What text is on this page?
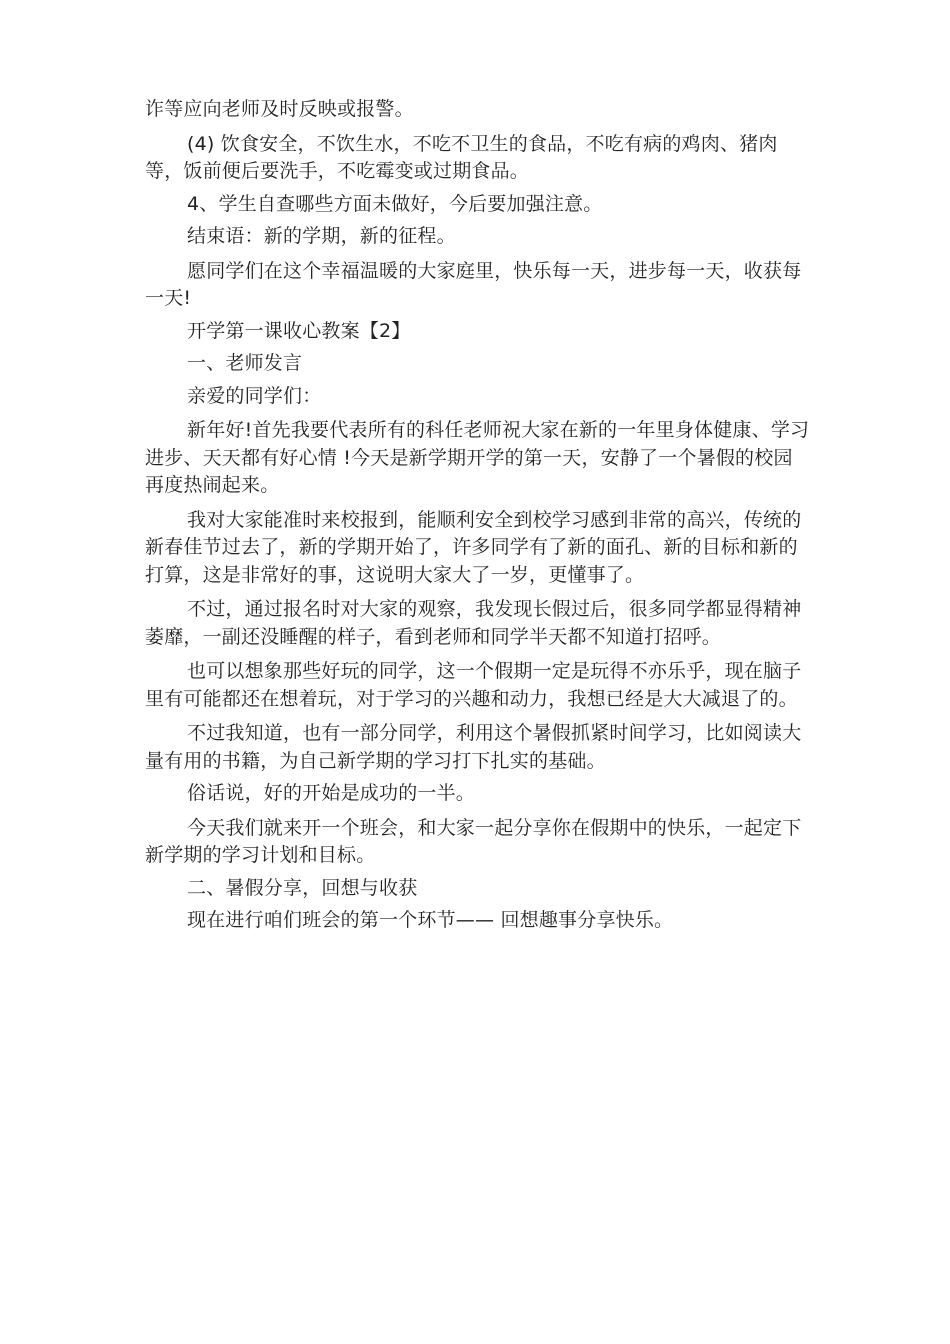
诈等应向老师及时反映或报警。

(4) 饮食安全，不饮生水，不吃不卫生的食品，不吃有病的鸡肉、猪肉等，饭前便后要洗手，不吃霉变或过期食品。

4、学生自查哪些方面未做好，今后要加强注意。

结束语：新的学期，新的征程。

愿同学们在这个幸福温暖的大家庭里，快乐每一天，进步每一天，收获每一天!

开学第一课收心教案【2】

一、老师发言

亲爱的同学们：

新年好!首先我要代表所有的科任老师祝大家在新的一年里身体健康、学习进步、天天都有好心情 !今天是新学期开学的第一天，安静了一个暑假的校园再度热闹起来。

我对大家能准时来校报到，能顺利安全到校学习感到非常的高兴，传统的新春佳节过去了，新的学期开始了，许多同学有了新的面孔、新的目标和新的打算，这是非常好的事，这说明大家大了一岁，更懂事了。

不过，通过报名时对大家的观察，我发现长假过后，很多同学都显得精神萎靡，一副还没睡醒的样子，看到老师和同学半天都不知道打招呼。

也可以想象那些好玩的同学，这一个假期一定是玩得不亦乐乎，现在脑子里有可能都还在想着玩，对于学习的兴趣和动力，我想已经是大大减退了的。

不过我知道，也有一部分同学，利用这个暑假抓紧时间学习，比如阅读大量有用的书籍，为自己新学期的学习打下扎实的基础。

俗话说，好的开始是成功的一半。

今天我们就来开一个班会，和大家一起分享你在假期中的快乐，一起定下新学期的学习计划和目标。

二、暑假分享，回想与收获

现在进行咱们班会的第一个环节—— 回想趣事分享快乐。
